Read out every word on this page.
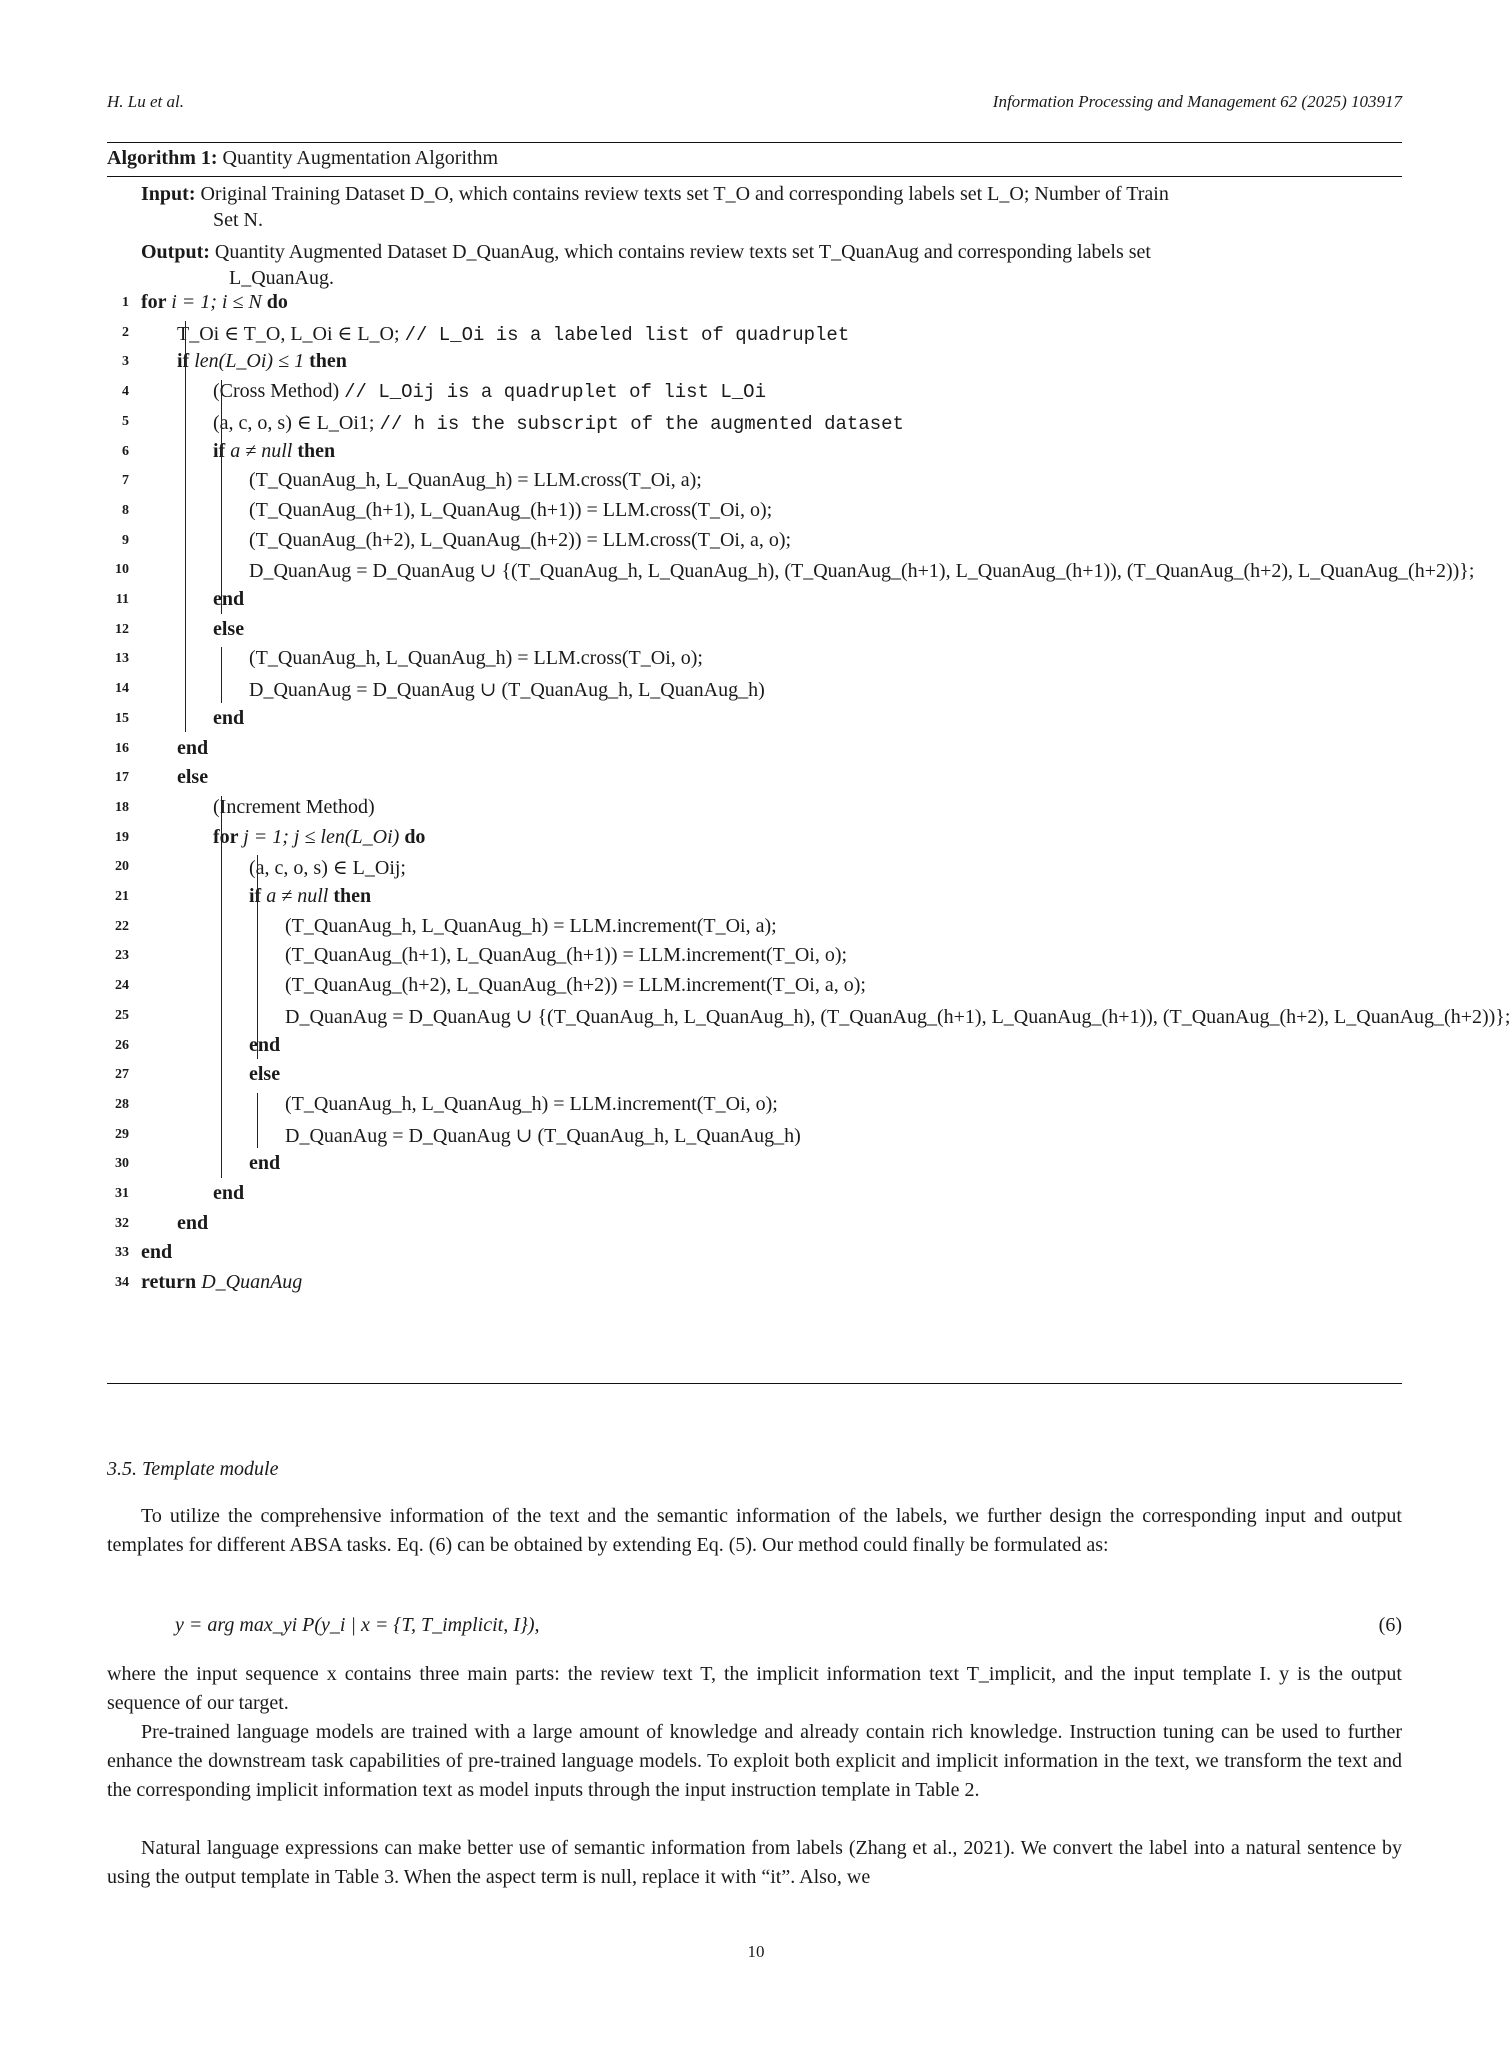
H. Lu et al.	Information Processing and Management 62 (2025) 103917
Algorithm 1: Quantity Augmentation Algorithm
Input: Original Training Dataset D_O, which contains review texts set T_O and corresponding labels set L_O; Number of Train
Set N.
Output: Quantity Augmented Dataset D_QuanAug, which contains review texts set T_QuanAug and corresponding labels set
L_QuanAug.
1 for i = 1; i ≤ N do
2 T_Oi ∈ T_O, L_Oi ∈ L_O; // L_Oi is a labeled list of quadruplet
3 if len(L_Oi) ≤ 1 then
4	(Cross Method) // L_Oij is a quadruplet of list L_Oi
5	(a, c, o, s) ∈ L_Oi1; // h is the subscript of the augmented dataset
6	if a ≠ null then
7	(T_QuanAug_h, L_QuanAug_h) = LLM.cross(T_Oi, a);
8	(T_QuanAug_(h+1), L_QuanAug_(h+1)) = LLM.cross(T_Oi, o);
9	(T_QuanAug_(h+2), L_QuanAug_(h+2)) = LLM.cross(T_Oi, a, o);
10	D_QuanAug = D_QuanAug ∪ {(T_QuanAug_h, L_QuanAug_h), (T_QuanAug_(h+1), L_QuanAug_(h+1)), (T_QuanAug_(h+2), L_QuanAug_(h+2))};
11	end
12	else
13	(T_QuanAug_h, L_QuanAug_h) = LLM.cross(T_Oi, o);
14	D_QuanAug = D_QuanAug ∪ (T_QuanAug_h, L_QuanAug_h)
15	end
16 end
17 else
18	(Increment Method)
19	for j = 1; j ≤ len(L_Oi) do
20	(a, c, o, s) ∈ L_Oij;
21	if a ≠ null then
22	(T_QuanAug_h, L_QuanAug_h) = LLM.increment(T_Oi, a);
23	(T_QuanAug_(h+1), L_QuanAug_(h+1)) = LLM.increment(T_Oi, o);
24	(T_QuanAug_(h+2), L_QuanAug_(h+2)) = LLM.increment(T_Oi, a, o);
25	D_QuanAug = D_QuanAug ∪ {(T_QuanAug_h, L_QuanAug_h), (T_QuanAug_(h+1), L_QuanAug_(h+1)), (T_QuanAug_(h+2), L_QuanAug_(h+2))};
26	end
27	else
28	(T_QuanAug_h, L_QuanAug_h) = LLM.increment(T_Oi, o);
29	D_QuanAug = D_QuanAug ∪ (T_QuanAug_h, L_QuanAug_h)
30	end
31	end
32 end
33 end
34 return D_QuanAug
3.5. Template module
To utilize the comprehensive information of the text and the semantic information of the labels, we further design the corresponding input and output templates for different ABSA tasks. Eq. (6) can be obtained by extending Eq. (5). Our method could finally be formulated as:
y = arg max_yi P(y_i | x = {T, T_implicit, I}),	(6)
where the input sequence x contains three main parts: the review text T, the implicit information text T_implicit, and the input template I. y is the output sequence of our target.
Pre-trained language models are trained with a large amount of knowledge and already contain rich knowledge. Instruction tuning can be used to further enhance the downstream task capabilities of pre-trained language models. To exploit both explicit and implicit information in the text, we transform the text and the corresponding implicit information text as model inputs through the input instruction template in Table 2.
Natural language expressions can make better use of semantic information from labels (Zhang et al., 2021). We convert the label into a natural sentence by using the output template in Table 3. When the aspect term is null, replace it with “it”. Also, we
10
